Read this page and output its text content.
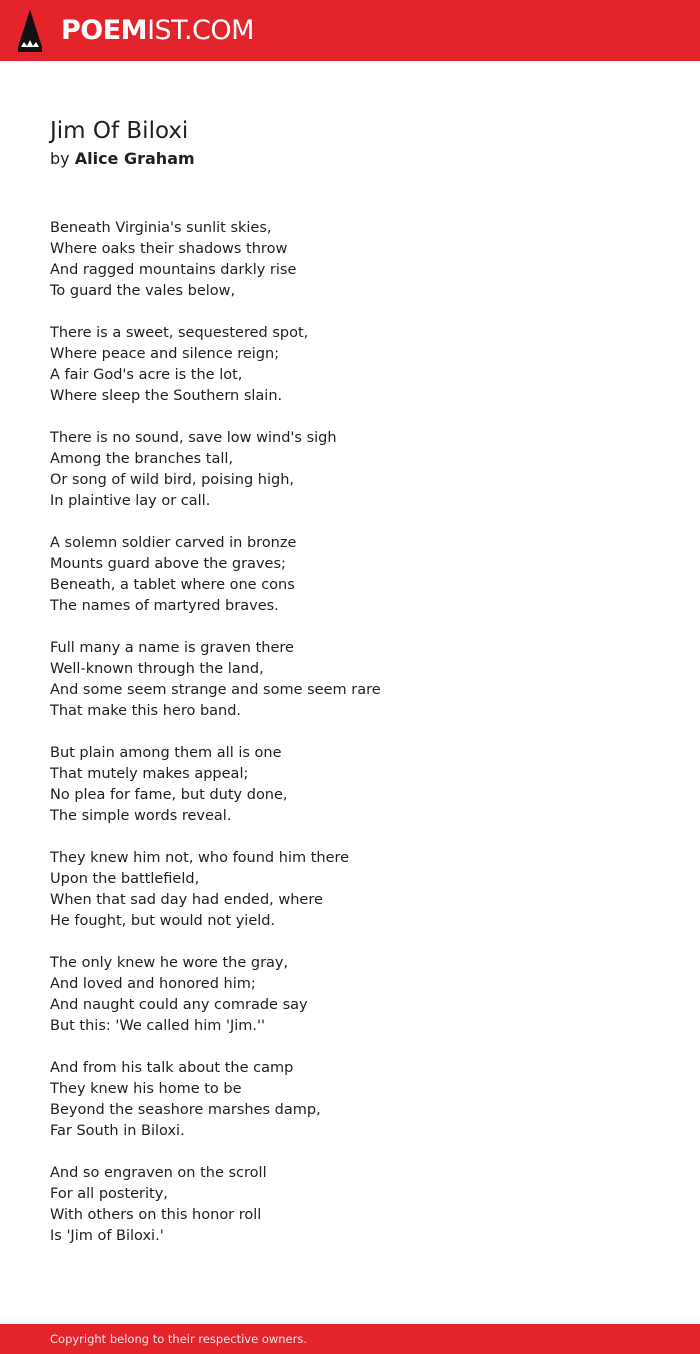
POEMIST.COM
Jim Of Biloxi
by Alice Graham
Beneath Virginia's sunlit skies,
Where oaks their shadows throw
And ragged mountains darkly rise
To guard the vales below,
There is a sweet, sequestered spot,
Where peace and silence reign;
A fair God's acre is the lot,
Where sleep the Southern slain.
There is no sound, save low wind's sigh
Among the branches tall,
Or song of wild bird, poising high,
In plaintive lay or call.
A solemn soldier carved in bronze
Mounts guard above the graves;
Beneath, a tablet where one cons
The names of martyred braves.
Full many a name is graven there
Well-known through the land,
And some seem strange and some seem rare
That make this hero band.
But plain among them all is one
That mutely makes appeal;
No plea for fame, but duty done,
The simple words reveal.
They knew him not, who found him there
Upon the battlefield,
When that sad day had ended, where
He fought, but would not yield.
The only knew he wore the gray,
And loved and honored him;
And naught could any comrade say
But this: 'We called him 'Jim.''
And from his talk about the camp
They knew his home to be
Beyond the seashore marshes damp,
Far South in Biloxi.
And so engraven on the scroll
For all posterity,
With others on this honor roll
Is 'Jim of Biloxi.'
Copyright belong to their respective owners.
